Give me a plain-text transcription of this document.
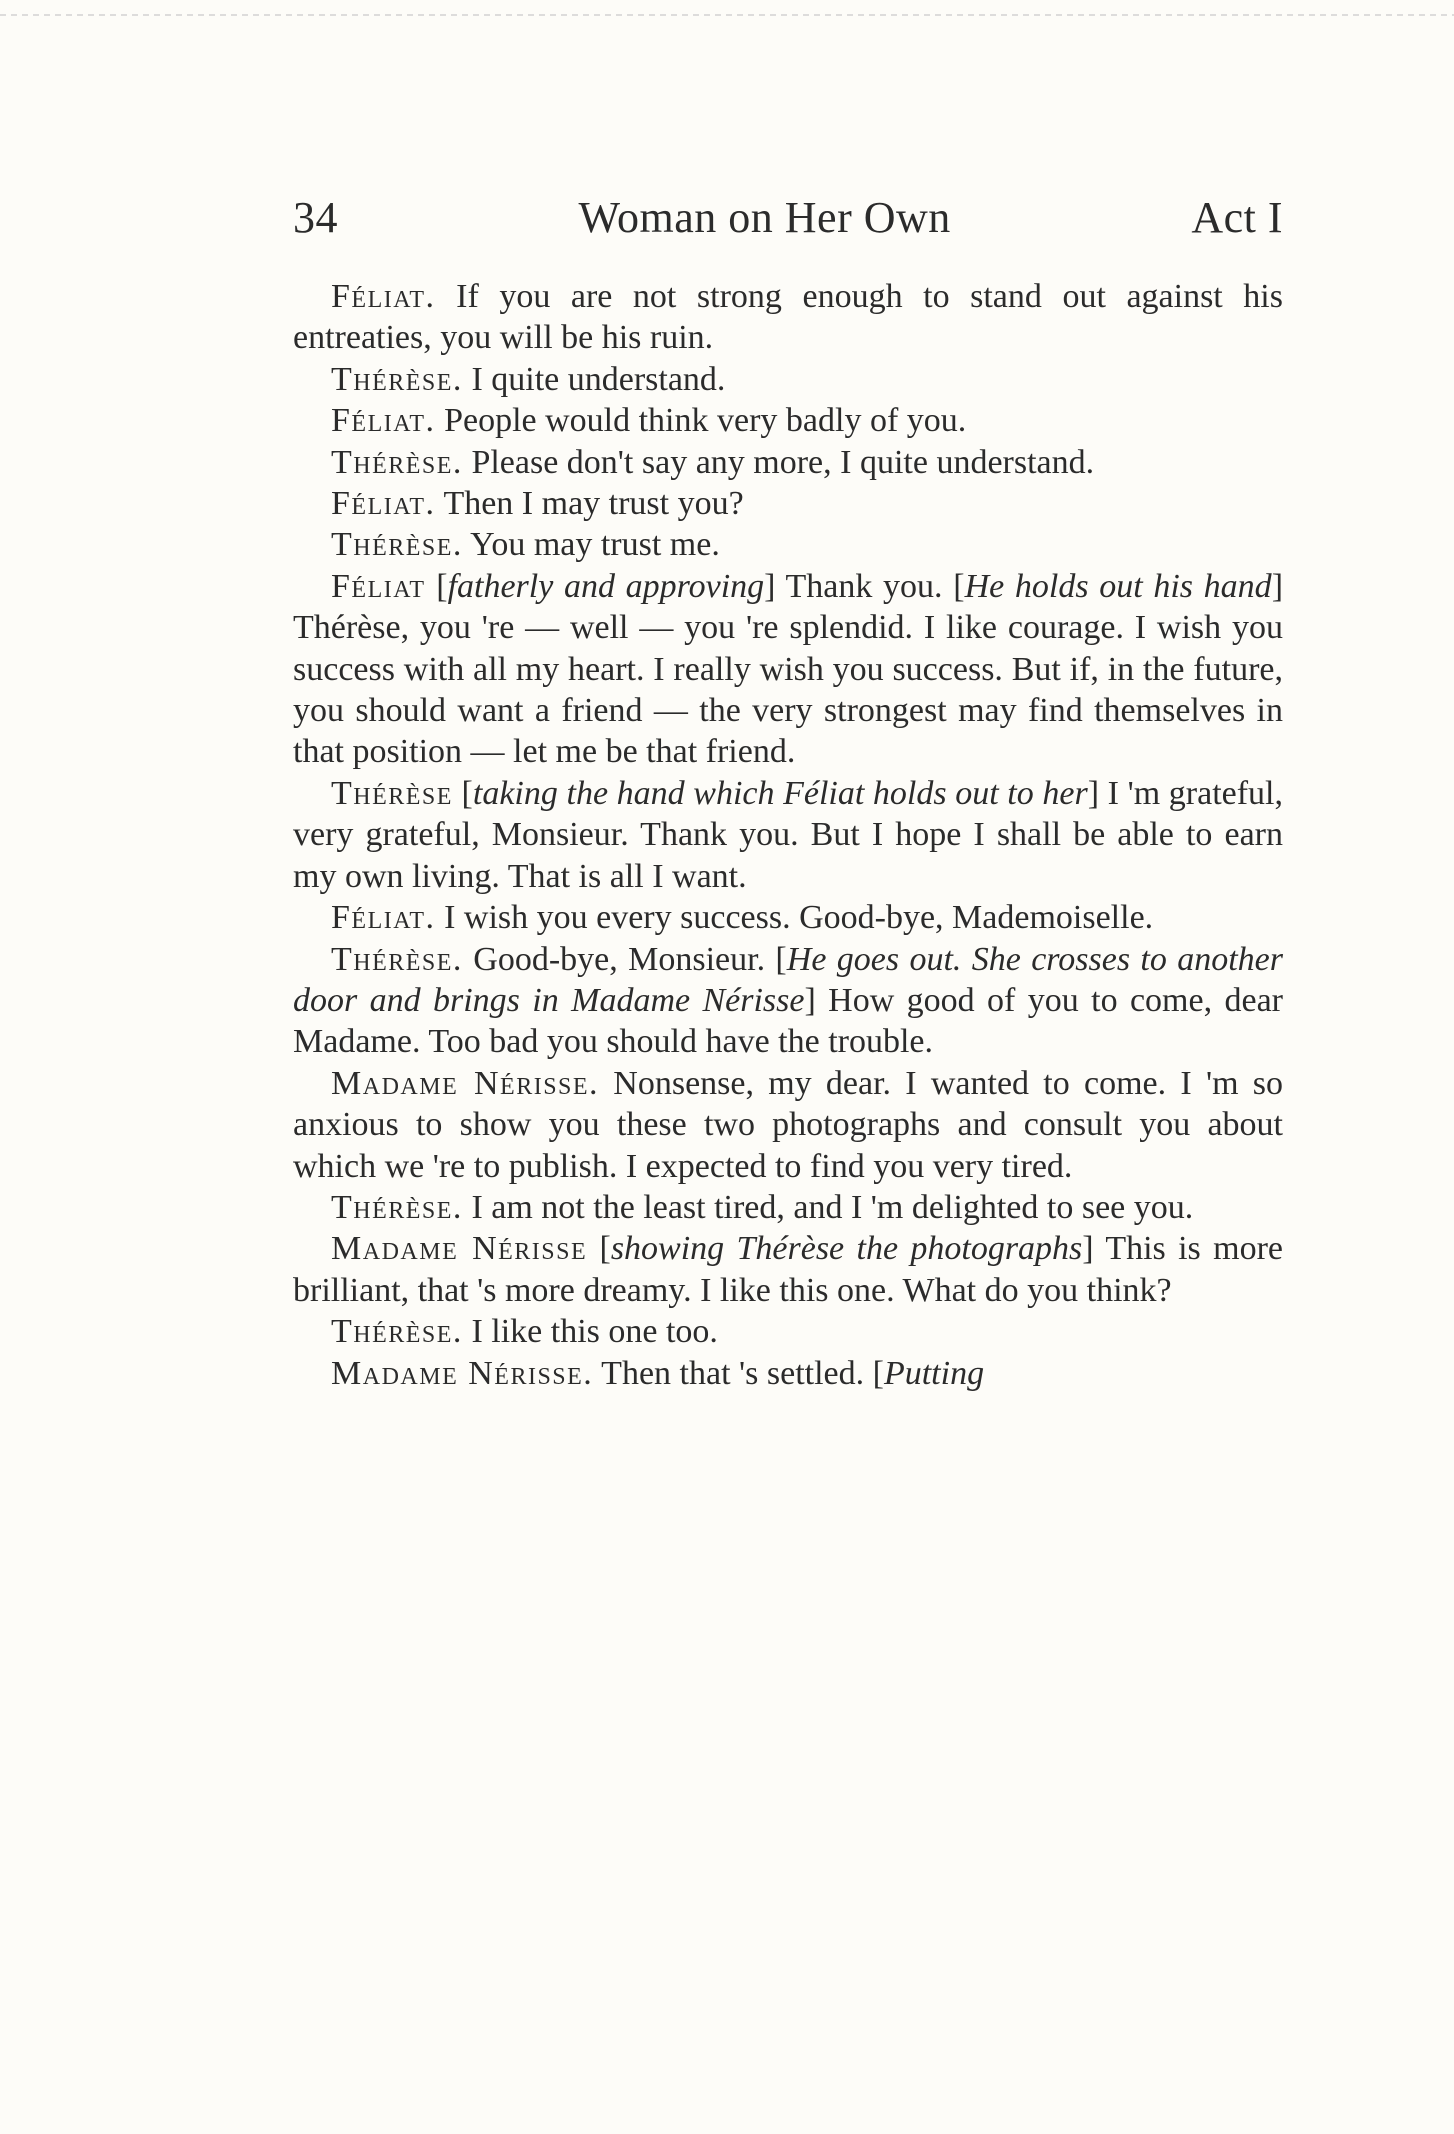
34	Woman on Her Own	Act I

Féliat. If you are not strong enough to stand out against his entreaties, you will be his ruin.

Thérèse. I quite understand.

Féliat. People would think very badly of you.

Thérèse. Please don't say any more, I quite understand.

Féliat. Then I may trust you?

Thérèse. You may trust me.

Féliat [fatherly and approving] Thank you. [He holds out his hand] Thérèse, you 're — well — you 're splendid. I like courage. I wish you success with all my heart. I really wish you success. But if, in the future, you should want a friend — the very strongest may find themselves in that position — let me be that friend.

Thérèse [taking the hand which Féliat holds out to her] I 'm grateful, very grateful, Monsieur. Thank you. But I hope I shall be able to earn my own living. That is all I want.

Féliat. I wish you every success. Good-bye, Mademoiselle.

Thérèse. Good-bye, Monsieur. [He goes out. She crosses to another door and brings in Madame Nérisse] How good of you to come, dear Madame. Too bad you should have the trouble.

Madame Nérisse. Nonsense, my dear. I wanted to come. I 'm so anxious to show you these two photographs and consult you about which we 're to publish. I expected to find you very tired.

Thérèse. I am not the least tired, and I 'm delighted to see you.

Madame Nérisse [showing Thérèse the photographs] This is more brilliant, that 's more dreamy. I like this one. What do you think?

Thérèse. I like this one too.

Madame Nérisse. Then that 's settled. [Putting
